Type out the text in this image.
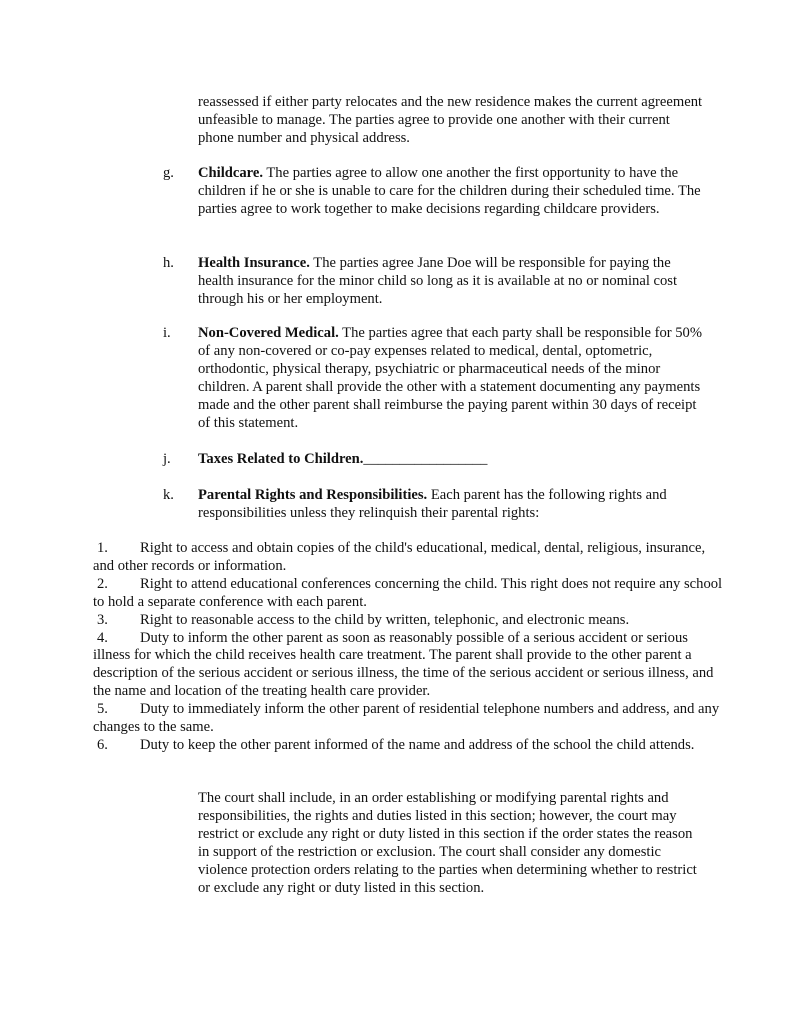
reassessed if either party relocates and the new residence makes the current agreement unfeasible to manage. The parties agree to provide one another with their current phone number and physical address.

g.	Childcare. The parties agree to allow one another the first opportunity to have the children if he or she is unable to care for the children during their scheduled time. The parties agree to work together to make decisions regarding childcare providers.

h.	Health Insurance. The parties agree Jane Doe will be responsible for paying the health insurance for the minor child so long as it is available at no or nominal cost through his or her employment.

i.	Non-Covered Medical. The parties agree that each party shall be responsible for 50% of any non-covered or co-pay expenses related to medical, dental, optometric, orthodontic, physical therapy, psychiatric or pharmaceutical needs of the minor children. A parent shall provide the other with a statement documenting any payments made and the other parent shall reimburse the paying parent within 30 days of receipt of this statement.

j.	Taxes Related to Children._________________

k.	Parental Rights and Responsibilities. Each parent has the following rights and responsibilities unless they relinquish their parental rights:

1. Right to access and obtain copies of the child's educational, medical, dental, religious, insurance, and other records or information.

2. Right to attend educational conferences concerning the child. This right does not require any school to hold a separate conference with each parent.

3. Right to reasonable access to the child by written, telephonic, and electronic means.

4. Duty to inform the other parent as soon as reasonably possible of a serious accident or serious illness for which the child receives health care treatment. The parent shall provide to the other parent a description of the serious accident or serious illness, the time of the serious accident or serious illness, and the name and location of the treating health care provider.

5. Duty to immediately inform the other parent of residential telephone numbers and address, and any changes to the same.

6. Duty to keep the other parent informed of the name and address of the school the child attends.

The court shall include, in an order establishing or modifying parental rights and responsibilities, the rights and duties listed in this section; however, the court may restrict or exclude any right or duty listed in this section if the order states the reason in support of the restriction or exclusion. The court shall consider any domestic violence protection orders relating to the parties when determining whether to restrict or exclude any right or duty listed in this section.
